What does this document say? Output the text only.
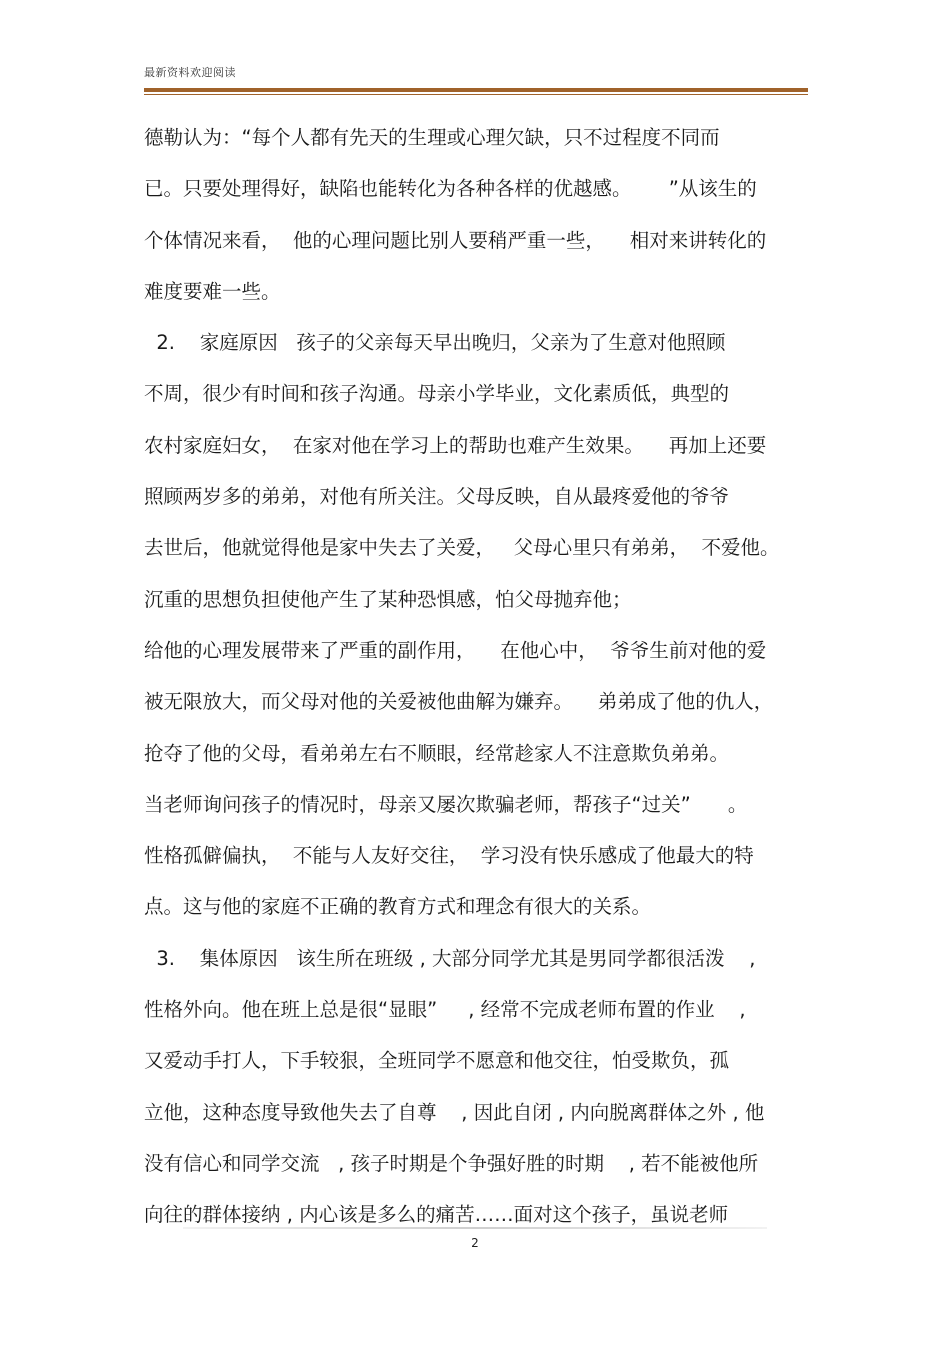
最新资料欢迎阅读
德勒认为：“每个人都有先天的生理或心理欠缺，只不过程度不同而
已。只要处理得好，缺陷也能转化为各种各样的优越感。      ”从该生的
个体情况来看，  他的心理问题比别人要稍严重一些，    相对来讲转化的
难度要难一些。
2.    家庭原因   孩子的父亲每天早出晚归，父亲为了生意对他照顾
不周，很少有时间和孩子沟通。母亲小学毕业，文化素质低，典型的
农村家庭妇女，  在家对他在学习上的帮助也难产生效果。    再加上还要
照顾两岁多的弟弟，对他有所关注。父母反映，自从最疼爱他的爷爷
去世后，他就觉得他是家中失去了关爱，   父母心里只有弟弟，  不爱他。
沉重的思想负担使他产生了某种恐惧感，怕父母抛弃他；
给他的心理发展带来了严重的副作用，    在他心中，  爷爷生前对他的爱
被无限放大，而父母对他的关爱被他曲解为嫌弃。    弟弟成了他的仇人，
抢夺了他的父母，看弟弟左右不顺眼，经常趁家人不注意欺负弟弟。
当老师询问孩子的情况时，母亲又屡次欺骗老师，帮孩子“过关”      。
性格孤僻偏执，  不能与人友好交往，  学习没有快乐感成了他最大的特
点。这与他的家庭不正确的教育方式和理念有很大的关系。
3.    集体原因   该生所在班级 , 大部分同学尤其是男同学都很活泼    ,
性格外向。他在班上总是很“显眼”     , 经常不完成老师布置的作业    ,
又爱动手打人，下手较狠，全班同学不愿意和他交往，怕受欺负，孤
立他，这种态度导致他失去了自尊    , 因此自闭 , 内向脱离群体之外 , 他
没有信心和同学交流   , 孩子时期是个争强好胜的时期    , 若不能被他所
向往的群体接纳 , 内心该是多么的痛苦……面对这个孩子，虽说老师
2
